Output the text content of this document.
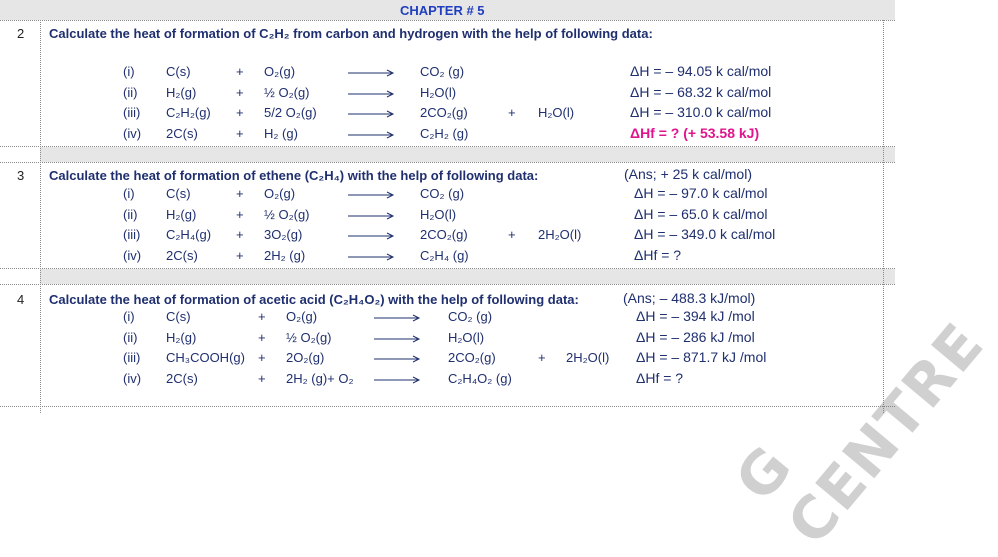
CHAPTER # 5
2 Calculate the heat of formation of C₂H₂ from carbon and hydrogen with the help of following data:
(i) C(s)	+ O₂(g)	CO₂ (g)	ΔH = – 94.05 k cal/mol
(ii) H₂(g)	+ ½ O₂(g)	H₂O(l)	ΔH = – 68.32 k cal/mol
(iii) C₂H₂(g) + 5/2 O₂(g)	2CO₂(g)	+ H₂O(l)	ΔH = – 310.0 k cal/mol
(iv) 2C(s)	+ H₂ (g)	C₂H₂ (g)	ΔHf = ? (+ 53.58 kJ)
3 Calculate the heat of formation of ethene (C₂H₄) with the help of following data:	(Ans; + 25 k cal/mol)
4 Calculate the heat of formation of acetic acid (C₂H₄O₂) with the help of following data:	(Ans; – 488.3 kJ/mol)
G CENTRE
(i) C(s)	+ O₂(g)	CO₂ (g)	ΔH = – 97.0 k cal/mol
(ii) H₂(g)	+ ½ O₂(g)	H₂O(l)	ΔH = – 65.0 k cal/mol
(iii) C₂H₄(g) + 3O₂(g)	2CO₂(g)	+ 2H₂O(l)	ΔH = – 349.0 k cal/mol
(iv) 2C(s)	+ 2H₂ (g)	C₂H₄ (g)	ΔHf = ?
(i) C(s)	+ O₂(g)	CO₂ (g)	ΔH = – 394 kJ /mol
(ii) H₂(g)	+ ½ O₂(g)	H₂O(l)	ΔH = – 286 kJ /mol
(iii) CH₃COOH(g) + 2O₂(g)	2CO₂(g)	+ 2H₂O(l) ΔH = – 871.7 kJ /mol
(iv) 2C(s)	+ 2H₂ (g)+ O₂ → C₂H₄O₂ (g)	ΔHf = ?
